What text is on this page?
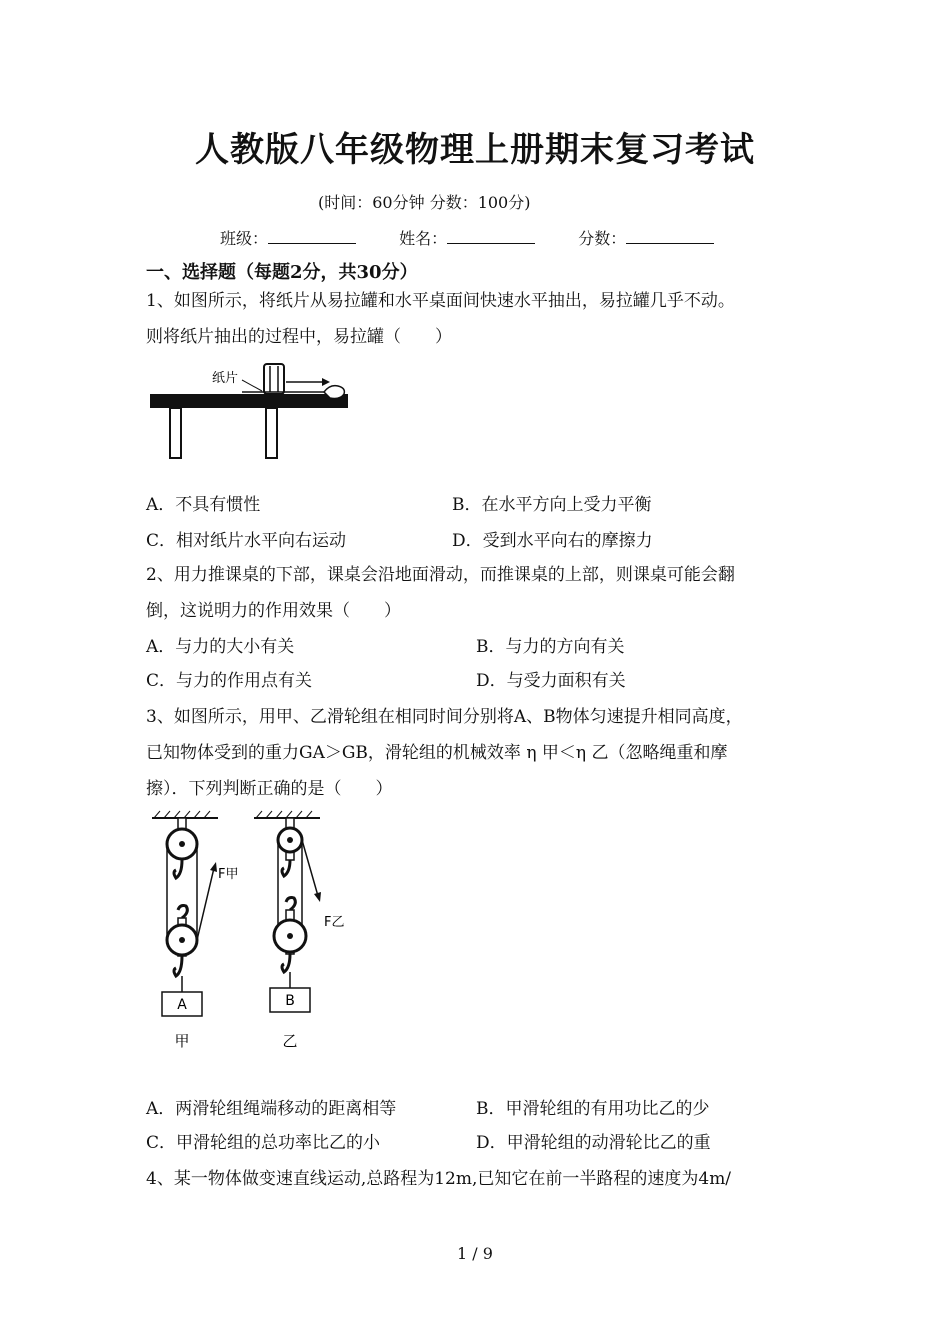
人教版八年级物理上册期末复习考试
(时间：60分钟 分数：100分)
班级：	姓名：	分数：
一、选择题（每题2分，共30分）
1、如图所示，将纸片从易拉罐和水平桌面间快速水平抽出，易拉罐几乎不动。
则将纸片抽出的过程中，易拉罐（　　）
纸片
A．不具有惯性	B．在水平方向上受力平衡
C．相对纸片水平向右运动	D．受到水平向右的摩擦力
2、用力推课桌的下部，课桌会沿地面滑动，而推课桌的上部，则课桌可能会翻
倒，这说明力的作用效果（　　）
A．与力的大小有关	B．与力的方向有关
C．与力的作用点有关	D．与受力面积有关
3、如图所示，用甲、乙滑轮组在相同时间分别将A、B物体匀速提升相同高度，
已知物体受到的重力GA＞GB，滑轮组的机械效率 η 甲＜η 乙（忽略绳重和摩
擦）．下列判断正确的是（　　）
F甲
A
甲
F乙
B
乙
A．两滑轮组绳端移动的距离相等	B．甲滑轮组的有用功比乙的少
C．甲滑轮组的总功率比乙的小	D．甲滑轮组的动滑轮比乙的重
4、某一物体做变速直线运动,总路程为12m,已知它在前一半路程的速度为4m/
1 / 9
